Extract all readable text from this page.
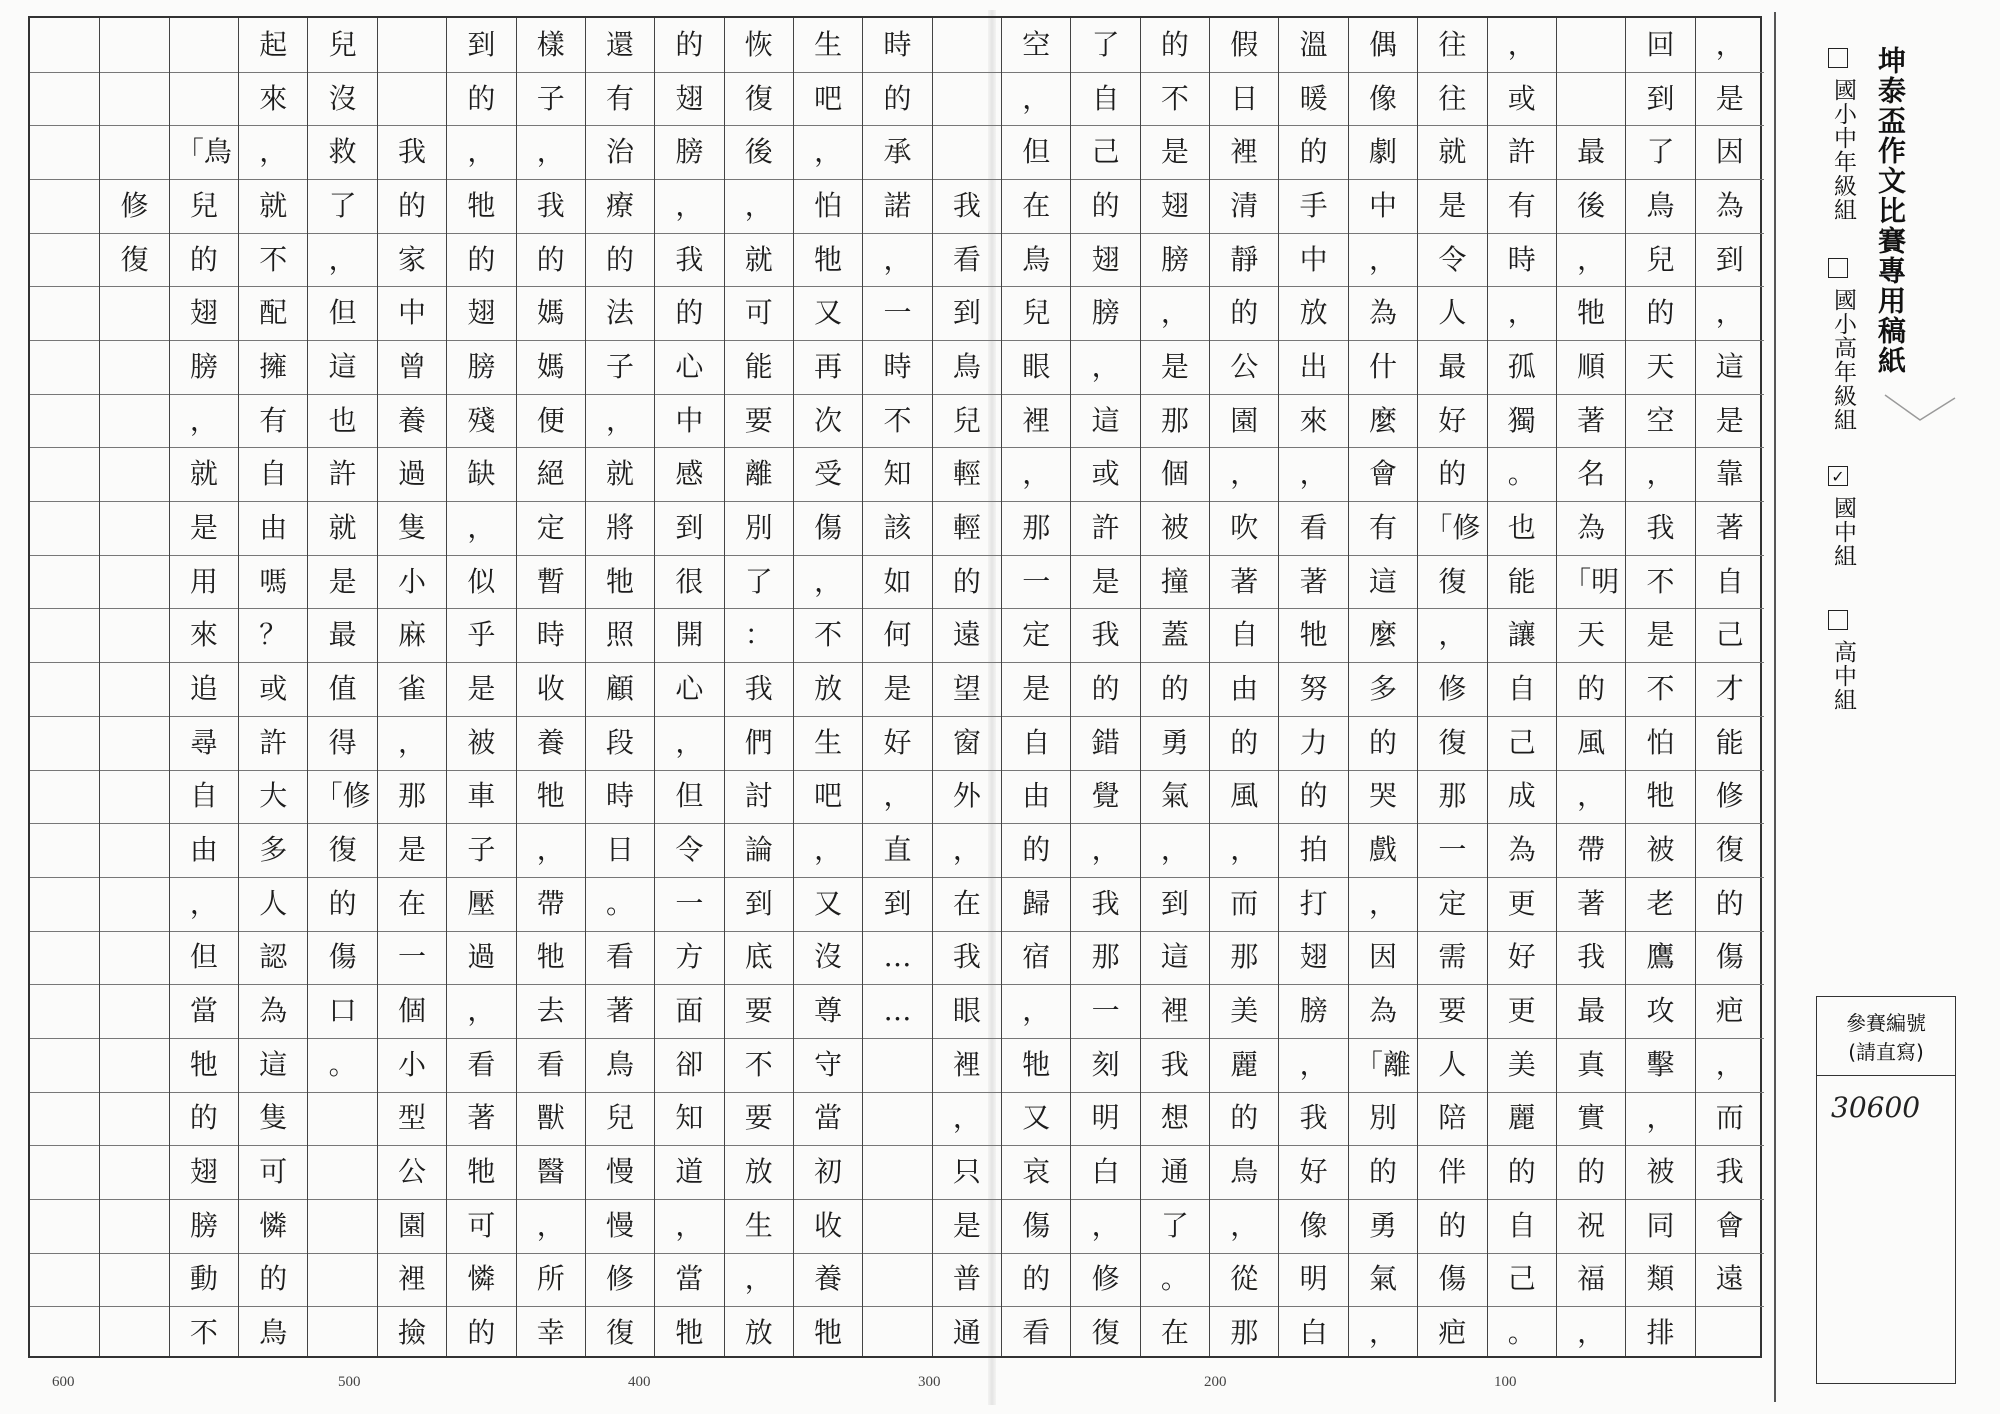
修
復
「鳥
兒
的
翅
膀
，
就
是
用
來
追
尋
自
由
，
但
當
牠
的
翅
膀
動
不
起
來
，
就
不
配
擁
有
自
由
嗎
？
或
許
大
多
人
認
為
這
隻
可
憐
的
鳥
兒
沒
救
了
，
但
這
也
許
就
是
最
值
得
「修
復
的
傷
口
。
我
的
家
中
曾
養
過
隻
小
麻
雀
，
那
是
在
一
個
小
型
公
園
裡
撿
到
的
，
牠
的
翅
膀
殘
缺
，
似
乎
是
被
車
子
壓
過
，
看
著
牠
可
憐
的
樣
子
，
我
的
媽
媽
便
絕
定
暫
時
收
養
牠
，
帶
牠
去
看
獸
醫
，
所
幸
還
有
治
療
的
法
子
，
就
將
牠
照
顧
段
時
日
。
看
著
鳥
兒
慢
慢
修
復
的
翅
膀
，
我
的
心
中
感
到
很
開
心
，
但
令
一
方
面
卻
知
道
，
當
牠
恢
復
後
，
就
可
能
要
離
別
了
：
我
們
討
論
到
底
要
不
要
放
生
，
放
生
吧
，
怕
牠
又
再
次
受
傷
，
不
放
生
吧
，
又
沒
尊
守
當
初
收
養
牠
時
的
承
諾
，
一
時
不
知
該
如
何
是
好
，
直
到
…
…
我
看
到
鳥
兒
輕
輕
的
遠
望
窗
外
，
在
我
眼
裡
，
只
是
普
通
空
，
但
在
鳥
兒
眼
裡
，
那
一
定
是
自
由
的
歸
宿
，
牠
又
哀
傷
的
看
了
自
己
的
翅
膀
，
這
或
許
是
我
的
錯
覺
，
我
那
一
刻
明
白
，
修
復
的
不
是
翅
膀
，
是
那
個
被
撞
蓋
的
勇
氣
，
到
這
裡
我
想
通
了
。
在
假
日
裡
清
靜
的
公
園
，
吹
著
自
由
的
風
，
而
那
美
麗
的
鳥
，
從
那
溫
暖
的
手
中
放
出
來
，
看
著
牠
努
力
的
拍
打
翅
膀
，
我
好
像
明
白
偶
像
劇
中
，
為
什
麼
會
有
這
麼
多
的
哭
戲
，
因
為
「離
別
的
勇
氣
，
往
往
就
是
令
人
最
好
的
「修
復
，
修
復
那
一
定
需
要
人
陪
伴
的
傷
疤
，
或
許
有
時
，
孤
獨
。
也
能
讓
自
己
成
為
更
好
更
美
麗
的
自
己
。
最
後
，
牠
順
著
名
為
「明
天
的
風
，
帶
著
我
最
真
實
的
祝
福
，
回
到
了
鳥
兒
的
天
空
，
我
不
是
不
怕
牠
被
老
鷹
攻
擊
，
被
同
類
排
，
是
因
為
到
，
這
是
靠
著
自
己
才
能
修
復
的
傷
疤
，
而
我
會
遠
600	500	400	300	200	100
坤泰盃作文比賽專用稿紙
國小中年級組
國小高年級組
✓
國中組
高中組
參賽編號
(請直寫)
30600
